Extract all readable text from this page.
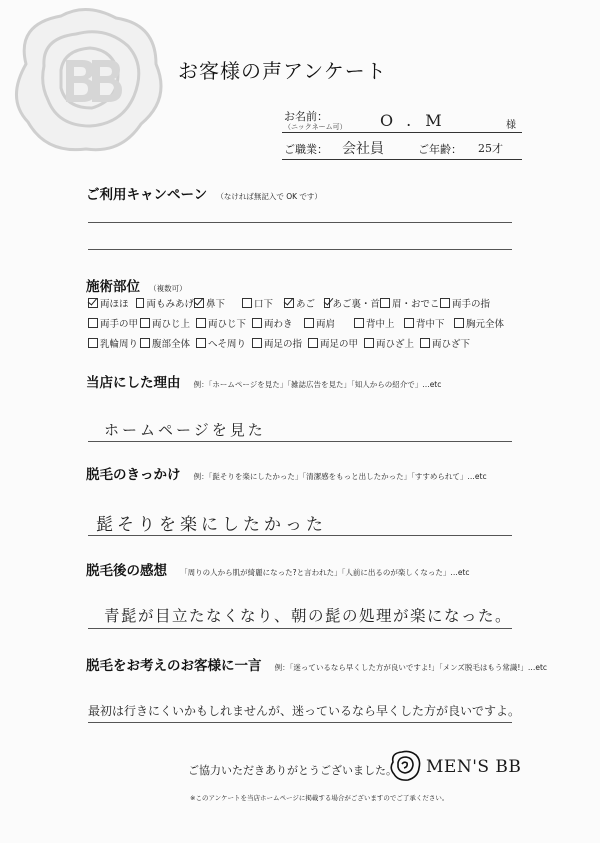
お客様の声アンケート
お名前：
（ニックネーム可） O.M	様
ご職業： 会社員	ご年齢： 25才
ご利用キャンペーン （なければ無記入で OK です）
施術部位 （複数可）
両ほほ 両もみあげ 鼻下	口下 あご あご裏・首 眉・おでこ 両手の指
両手の甲 両ひじ上 両ひじ下 両わき 両肩	背中上 背中下 胸元全体
乳輪周り 腹部全体 へそ周り 両足の指 両足の甲 両ひざ上 両ひざ下
当店にした理由 例：「ホームページを見た」「雑誌広告を見た」「知人からの紹介で」…etc
ホームページを見た
脱毛のきっかけ 例：「髭そりを楽にしたかった」「清潔感をもっと出したかった」「すすめられて」…etc
髭そりを楽にしたかった
脱毛後の感想 「周りの人から肌が綺麗になった?と言われた」「人前に出るのが楽しくなった」…etc
青髭が目立たなくなり、朝の髭の処理が楽になった。
脱毛をお考えのお客様に一言 例：「迷っているなら早くした方が良いですよ!」「メンズ脱毛はもう常識!」…etc
最初は行きにくいかもしれませんが、迷っているなら早くした方が良いですよ。
ご協力いただきありがとうございました。 MEN'S BB
※このアンケートを当店ホームページに掲載する場合がございますのでご了承ください。
